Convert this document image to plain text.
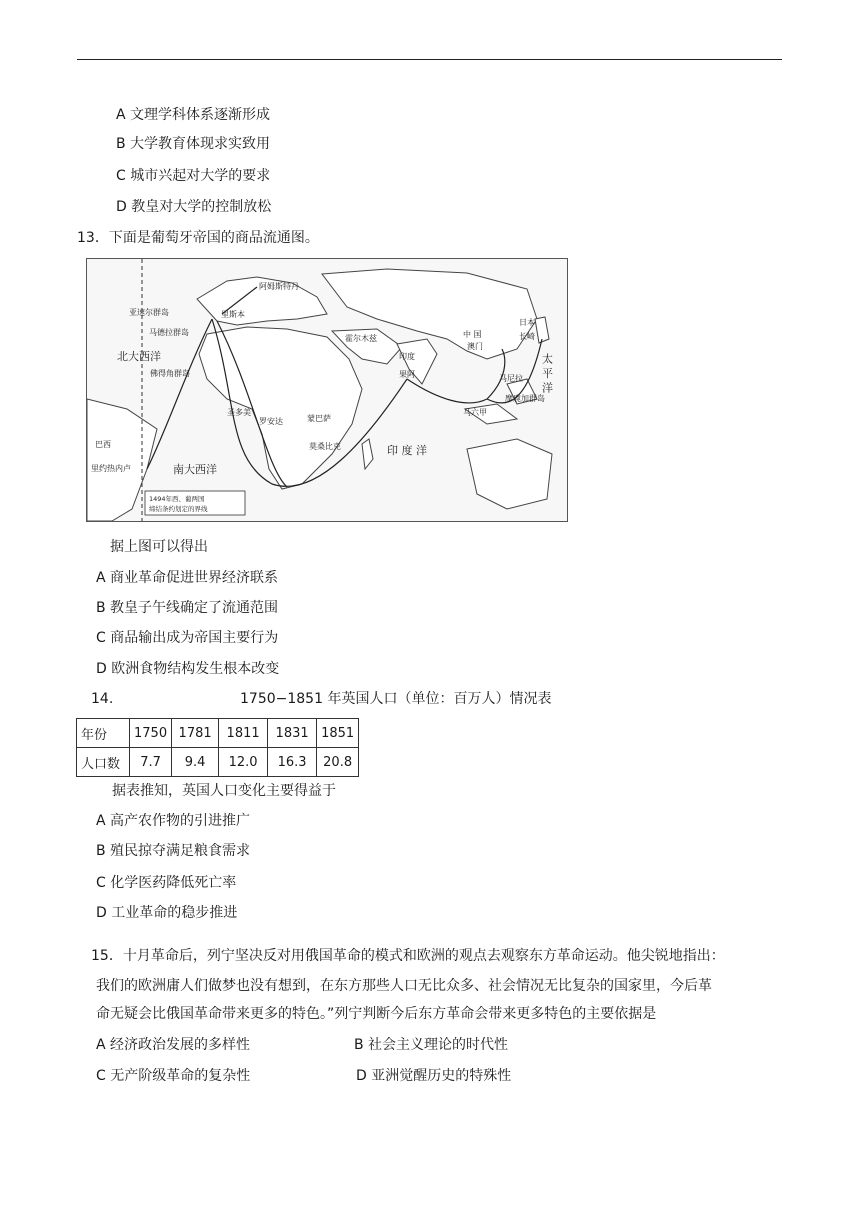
A 文理学科体系逐渐形成
B 大学教育体现求实致用
C 城市兴起对大学的要求
D 教皇对大学的控制放松
13．下面是葡萄牙帝国的商品流通图。
阿姆斯特丹
亚速尔群岛	里斯本
马德拉群岛
北大西洋
佛得角群岛
霍尔木兹
印度
果阿
中 国
澳门
日本
长崎
太 平 洋
马尼拉
摩鹿加群岛
马六甲
圣多美
罗安达	蒙巴萨
莫桑比克	印 度 洋
巴西
里约热内卢	南大西洋
1494年西、葡两国
缔结条约划定的界线
据上图可以得出
A 商业革命促进世界经济联系
B 教皇子午线确定了流通范围
C 商品输出成为帝国主要行为
D 欧洲食物结构发生根本改变
14.	1750−1851 年英国人口（单位：百万人）情况表
年份	1750	1781	1811	1831	1851
人口数	7.7	9.4	12.0	16.3	20.8
据表推知，英国人口变化主要得益于
A 高产农作物的引进推广
B 殖民掠夺满足粮食需求
C 化学医药降低死亡率
D 工业革命的稳步推进
15．十月革命后，列宁坚决反对用俄国革命的模式和欧洲的观点去观察东方革命运动。他尖锐地指出：
我们的欧洲庸人们做梦也没有想到，在东方那些人口无比众多、社会情况无比复杂的国家里，今后革
命无疑会比俄国革命带来更多的特色。”列宁判断今后东方革命会带来更多特色的主要依据是
A 经济政治发展的多样性	B 社会主义理论的时代性
C 无产阶级革命的复杂性	D 亚洲觉醒历史的特殊性
